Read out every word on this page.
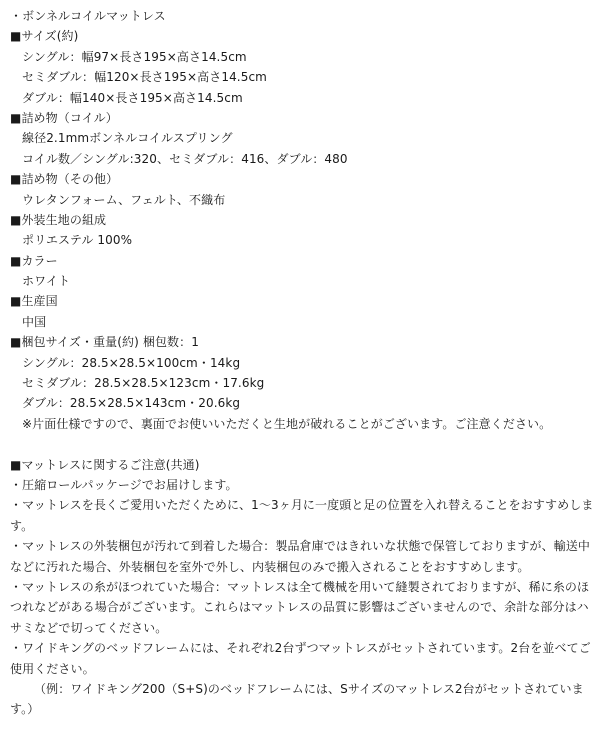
・ボンネルコイルマットレス
■サイズ(約)
シングル：幅97×長さ195×高さ14.5cm
セミダブル：幅120×長さ195×高さ14.5cm
ダブル：幅140×長さ195×高さ14.5cm
■詰め物（コイル）
線径2.1mmボンネルコイルスプリング
コイル数／シングル:320、セミダブル：416、ダブル：480
■詰め物（その他）
ウレタンフォーム、フェルト、不織布
■外装生地の組成
ポリエステル 100%
■カラー
ホワイト
■生産国
中国
■梱包サイズ・重量(約) 梱包数：1
シングル：28.5×28.5×100cm・14kg
セミダブル：28.5×28.5×123cm・17.6kg
ダブル：28.5×28.5×143cm・20.6kg
※片面仕様ですので、裏面でお使いいただくと生地が破れることがございます。ご注意ください。
■マットレスに関するご注意(共通)
・圧縮ロールパッケージでお届けします。
・マットレスを長くご愛用いただくために、1～3ヶ月に一度頭と足の位置を入れ替えることをおすすめしま
す。
・マットレスの外装梱包が汚れて到着した場合：製品倉庫ではきれいな状態で保管しておりますが、輸送中
などに汚れた場合、外装梱包を室外で外し、内装梱包のみで搬入されることをおすすめします。
・マットレスの糸がほつれていた場合：マットレスは全て機械を用いて縫製されておりますが、稀に糸のほ
つれなどがある場合がございます。これらはマットレスの品質に影響はございませんので、余計な部分はハ
サミなどで切ってください。
・ワイドキングのベッドフレームには、それぞれ2台ずつマットレスがセットされています。2台を並べてご
使用ください。
（例：ワイドキング200（S+S)のベッドフレームには、Sサイズのマットレス2台がセットされていま
す。）
